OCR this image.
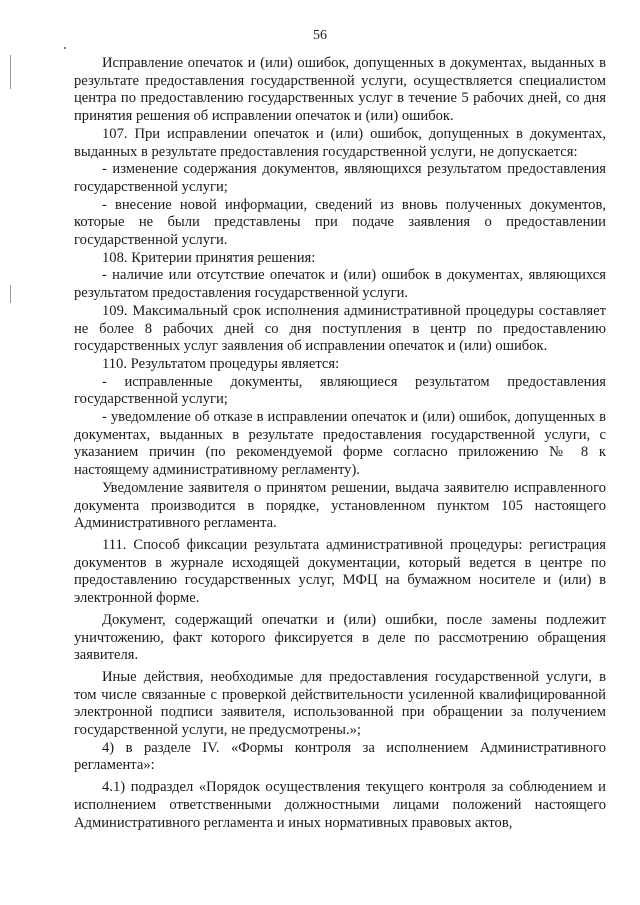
56

Исправление опечаток и (или) ошибок, допущенных в документах, выданных в результате предоставления государственной услуги, осуществляется специалистом центра по предоставлению государственных услуг в течение 5 рабочих дней, со дня принятия решения об исправлении опечаток и (или) ошибок.

107. При исправлении опечаток и (или) ошибок, допущенных в документах, выданных в результате предоставления государственной услуги, не допускается:

- изменение содержания документов, являющихся результатом предоставления государственной услуги;

- внесение новой информации, сведений из вновь полученных документов, которые не были представлены при подаче заявления о предоставлении государственной услуги.

108. Критерии принятия решения:

- наличие или отсутствие опечаток и (или) ошибок в документах, являющихся результатом предоставления государственной услуги.

109. Максимальный срок исполнения административной процедуры составляет не более 8 рабочих дней со дня поступления в центр по предоставлению государственных услуг заявления об исправлении опечаток и (или) ошибок.

110. Результатом процедуры является:

- исправленные документы, являющиеся результатом предоставления государственной услуги;

- уведомление об отказе в исправлении опечаток и (или) ошибок, допущенных в документах, выданных в результате предоставления государственной услуги, с указанием причин (по рекомендуемой форме согласно приложению № 8 к настоящему административному регламенту).

Уведомление заявителя о принятом решении, выдача заявителю исправленного документа производится в порядке, установленном пунктом 105 настоящего Административного регламента.

111. Способ фиксации результата административной процедуры: регистрация документов в журнале исходящей документации, который ведется в центре по предоставлению государственных услуг, МФЦ на бумажном носителе и (или) в электронной форме.

Документ, содержащий опечатки и (или) ошибки, после замены подлежит уничтожению, факт которого фиксируется в деле по рассмотрению обращения заявителя.

Иные действия, необходимые для предоставления государственной услуги, в том числе связанные с проверкой действительности усиленной квалифицированной электронной подписи заявителя, использованной при обращении за получением государственной услуги, не предусмотрены.»;

4) в разделе IV. «Формы контроля за исполнением Административного регламента»:

4.1) подраздел «Порядок осуществления текущего контроля за соблюдением и исполнением ответственными должностными лицами положений настоящего Административного регламента и иных нормативных правовых актов,
